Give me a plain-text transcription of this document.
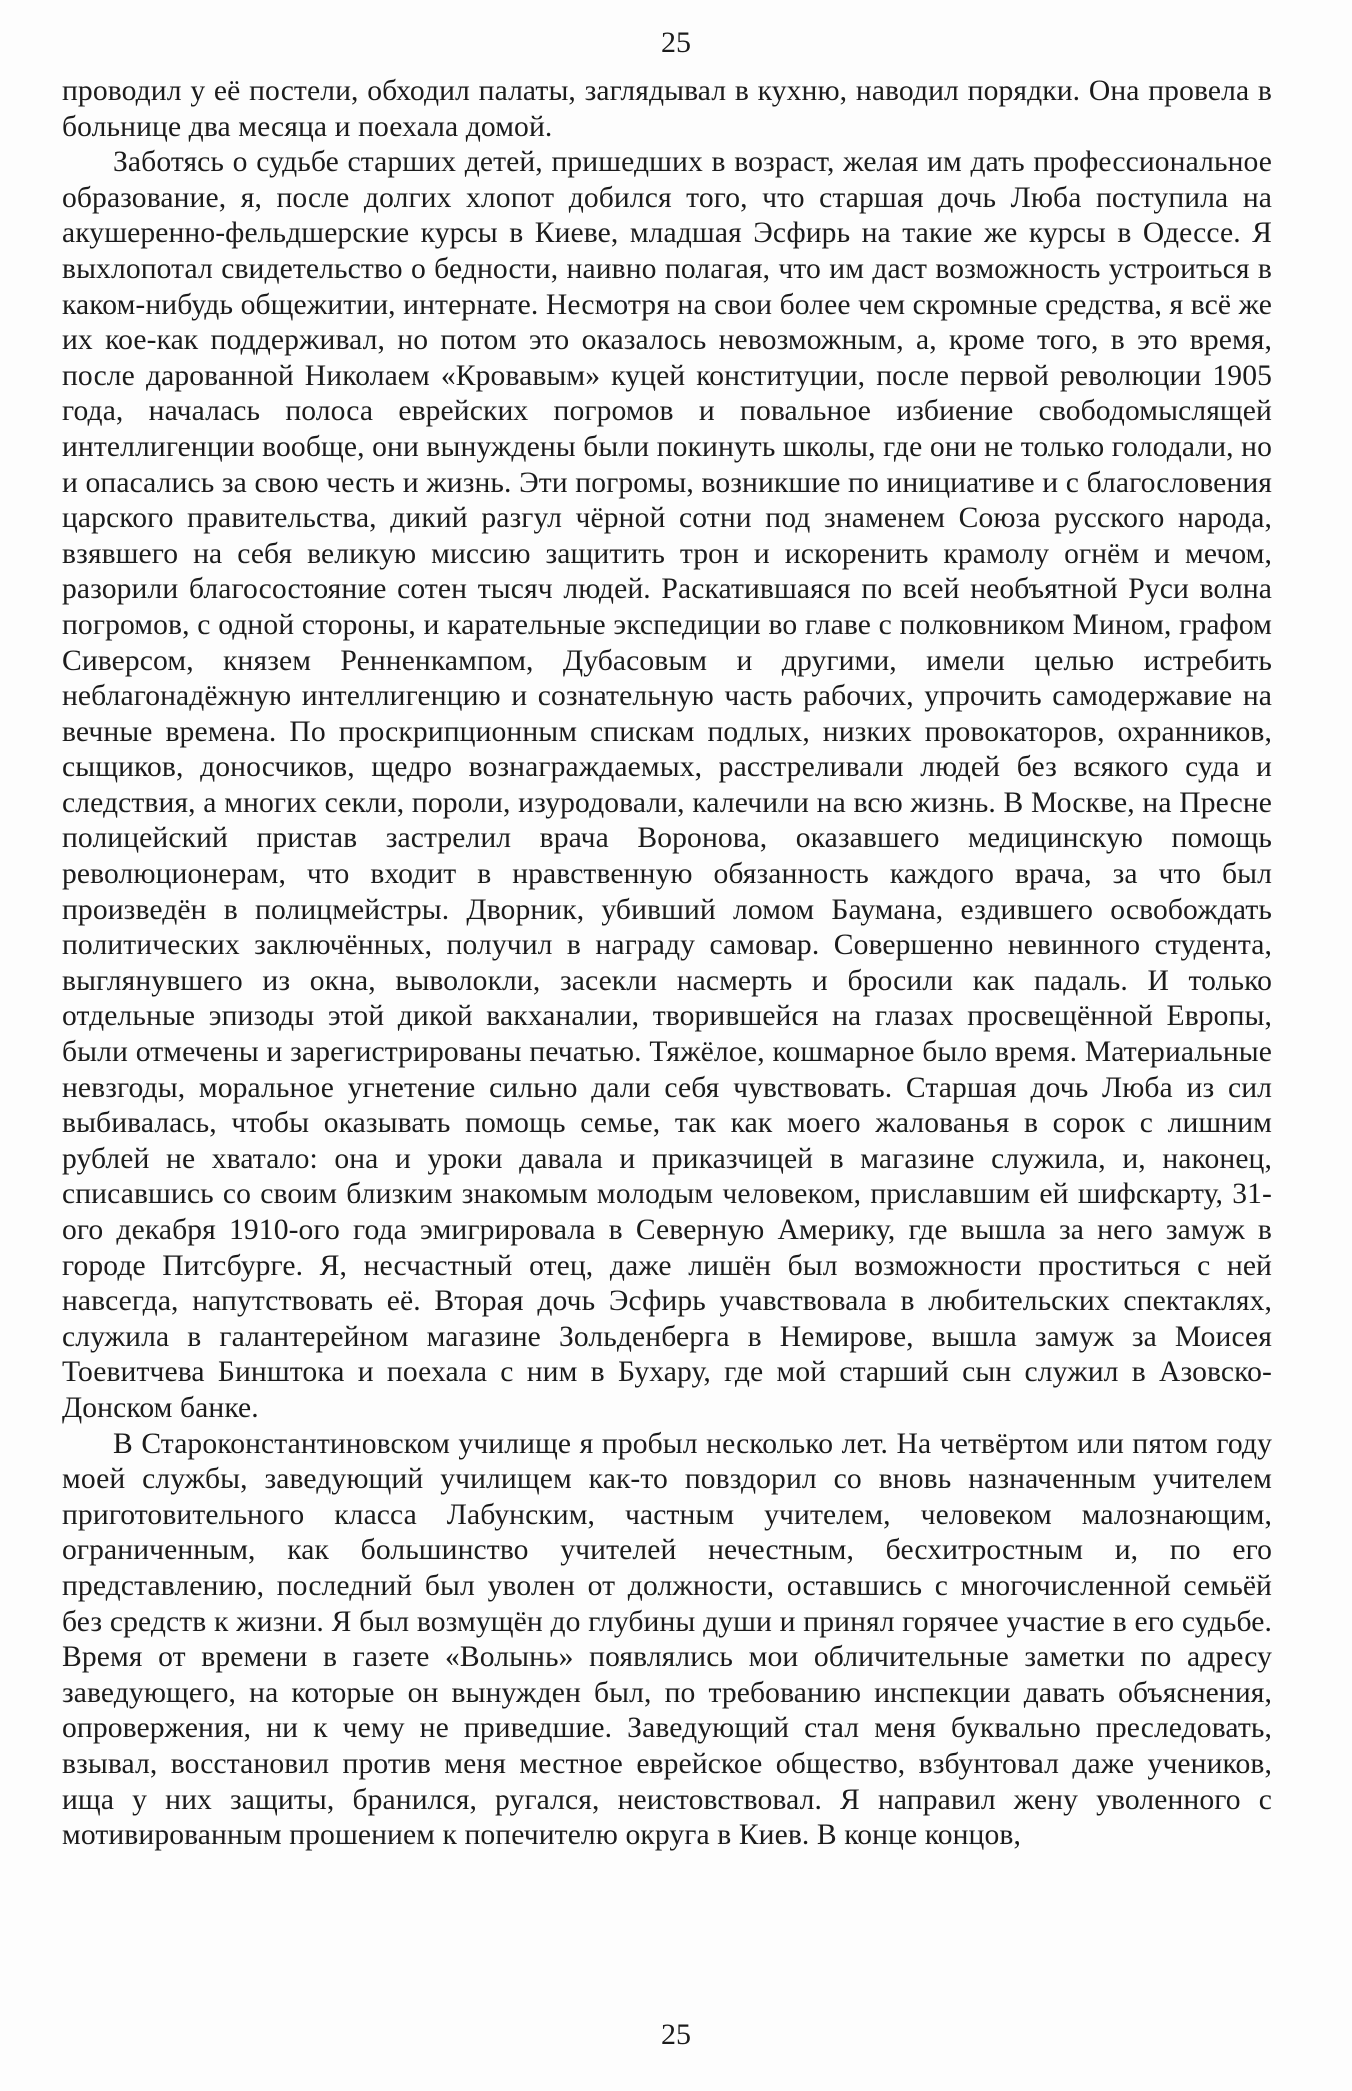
25

проводил у её постели, обходил палаты, заглядывал в кухню, наводил порядки. Она провела в больнице два месяца и поехала домой.

Заботясь о судьбе старших детей, пришедших в возраст, желая им дать профессиональное образование, я, после долгих хлопот добился того, что старшая дочь Люба поступила на акушеренно-фельдшерские курсы в Киеве, младшая Эсфирь на такие же курсы в Одессе. Я выхлопотал свидетельство о бедности, наивно полагая, что им даст возможность устроиться в каком-нибудь общежитии, интернате. Несмотря на свои более чем скромные средства, я всё же их кое-как поддерживал, но потом это оказалось невозможным, а, кроме того, в это время, после дарованной Николаем «Кровавым» куцей конституции, после первой революции 1905 года, началась полоса еврейских погромов и повальное избиение свободомыслящей интеллигенции вообще, они вынуждены были покинуть школы, где они не только голодали, но и опасались за свою честь и жизнь. Эти погромы, возникшие по инициативе и с благословения царского правительства, дикий разгул чёрной сотни под знаменем Союза русского народа, взявшего на себя великую миссию защитить трон и искоренить крамолу огнём и мечом, разорили благосостояние сотен тысяч людей. Раскатившаяся по всей необъятной Руси волна погромов, с одной стороны, и карательные экспедиции во главе с полковником Мином, графом Сиверсом, князем Ренненкампом, Дубасовым и другими, имели целью истребить неблагонадёжную интеллигенцию и сознательную часть рабочих, упрочить самодержавие на вечные времена. По проскрипционным спискам подлых, низких провокаторов, охранников, сыщиков, доносчиков, щедро вознаграждаемых, расстреливали людей без всякого суда и следствия, а многих секли, пороли, изуродовали, калечили на всю жизнь. В Москве, на Пресне полицейский пристав застрелил врача Воронова, оказавшего медицинскую помощь революционерам, что входит в нравственную обязанность каждого врача, за что был произведён в полицмейстры. Дворник, убивший ломом Баумана, ездившего освобождать политических заключённых, получил в награду самовар. Совершенно невинного студента, выглянувшего из окна, выволокли, засекли насмерть и бросили как падаль. И только отдельные эпизоды этой дикой вакханалии, творившейся на глазах просвещённой Европы, были отмечены и зарегистрированы печатью. Тяжёлое, кошмарное было время. Материальные невзгоды, моральное угнетение сильно дали себя чувствовать. Старшая дочь Люба из сил выбивалась, чтобы оказывать помощь семье, так как моего жалованья в сорок с лишним рублей не хватало: она и уроки давала и приказчицей в магазине служила, и, наконец, списавшись со своим близким знакомым молодым человеком, приславшим ей шифскарту, 31-ого декабря 1910-ого года эмигрировала в Северную Америку, где вышла за него замуж в городе Питсбурге. Я, несчастный отец, даже лишён был возможности проститься с ней навсегда, напутствовать её. Вторая дочь Эсфирь учавствовала в любительских спектаклях, служила в галантерейном магазине Зольденберга в Немирове, вышла замуж за Моисея Тоевитчева Бинштока и поехала с ним в Бухару, где мой старший сын служил в Азовско-Донском банке.

В Староконстантиновском училище я пробыл несколько лет. На четвёртом или пятом году моей службы, заведующий училищем как-то повздорил со вновь назначенным учителем приготовительного класса Лабунским, частным учителем, человеком малознающим, ограниченным, как большинство учителей нечестным, бесхитростным и, по его представлению, последний был уволен от должности, оставшись с многочисленной семьёй без средств к жизни. Я был возмущён до глубины души и принял горячее участие в его судьбе. Время от времени в газете «Волынь» появлялись мои обличительные заметки по адресу заведующего, на которые он вынужден был, по требованию инспекции давать объяснения, опровержения, ни к чему не приведшие. Заведующий стал меня буквально преследовать, взывал, восстановил против меня местное еврейское общество, взбунтовал даже учеников, ища у них защиты, бранился, ругался, неистовствовал. Я направил жену уволенного с мотивированным прошением к попечителю округа в Киев. В конце концов,

25
